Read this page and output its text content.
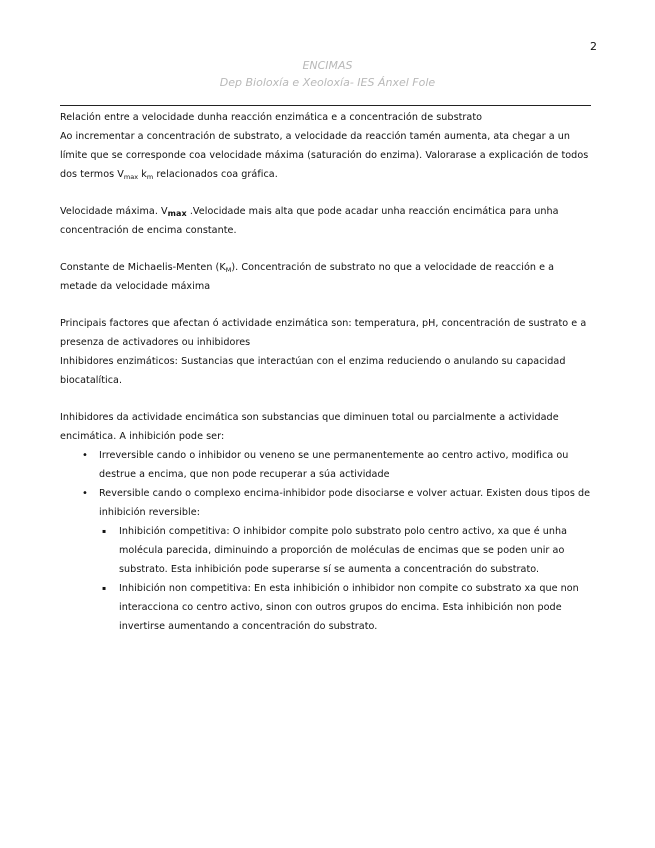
2
ENCIMAS
Dep Bioloxía e Xeoloxía- IES Ánxel Fole

Relación entre a velocidade dunha reacción enzimática e a concentración de substrato

Ao incrementar a concentración de substrato, a velocidade da reacción tamén aumenta, ata chegar a un límite que se corresponde coa velocidade máxima (saturación do enzima). Valorarase a explicación de todos dos termos $V_{max}$ $k_m$ relacionados coa gráfica.

Velocidade máxima. $V_{max}$ .Velocidade mais alta que pode acadar unha reacción encimática para unha concentración de encima constante.

Constante de Michaelis-Menten $(K_M)$. Concentración de substrato no que a velocidade de reacción e a metade da velocidade máxima

Principais factores que afectan ó actividade enzimática son: temperatura, pH, concentración de sustrato e a presenza de activadores ou inhibidores

Inhibidores enzimáticos: Sustancias que interactúan con el enzima reduciendo o anulando su capacidad biocatalítica.

Inhibidores da actividade encimática son substancias que diminuen total ou parcialmente a actividade encimática. A inhibición pode ser:

• Irreversible cando o inhibidor ou veneno se une permanentemente ao centro activo, modifica ou destrue a encima, que non pode recuperar a súa actividade
• Reversible cando o complexo encima-inhibidor pode disociarse e volver actuar. Existen dous tipos de inhibición reversible:
▪ Inhibición competitiva: O inhibidor compite polo substrato polo centro activo, xa que é unha molécula parecida, diminuindo a proporción de moléculas de encimas que se poden unir ao substrato. Esta inhibición pode superarse sí se aumenta a concentración do substrato.
▪ Inhibición non competitiva: En esta inhibición o inhibidor non compite co substrato xa que non interacciona co centro activo, sinon con outros grupos do encima. Esta inhibición non pode invertirse aumentando a concentración do substrato.
